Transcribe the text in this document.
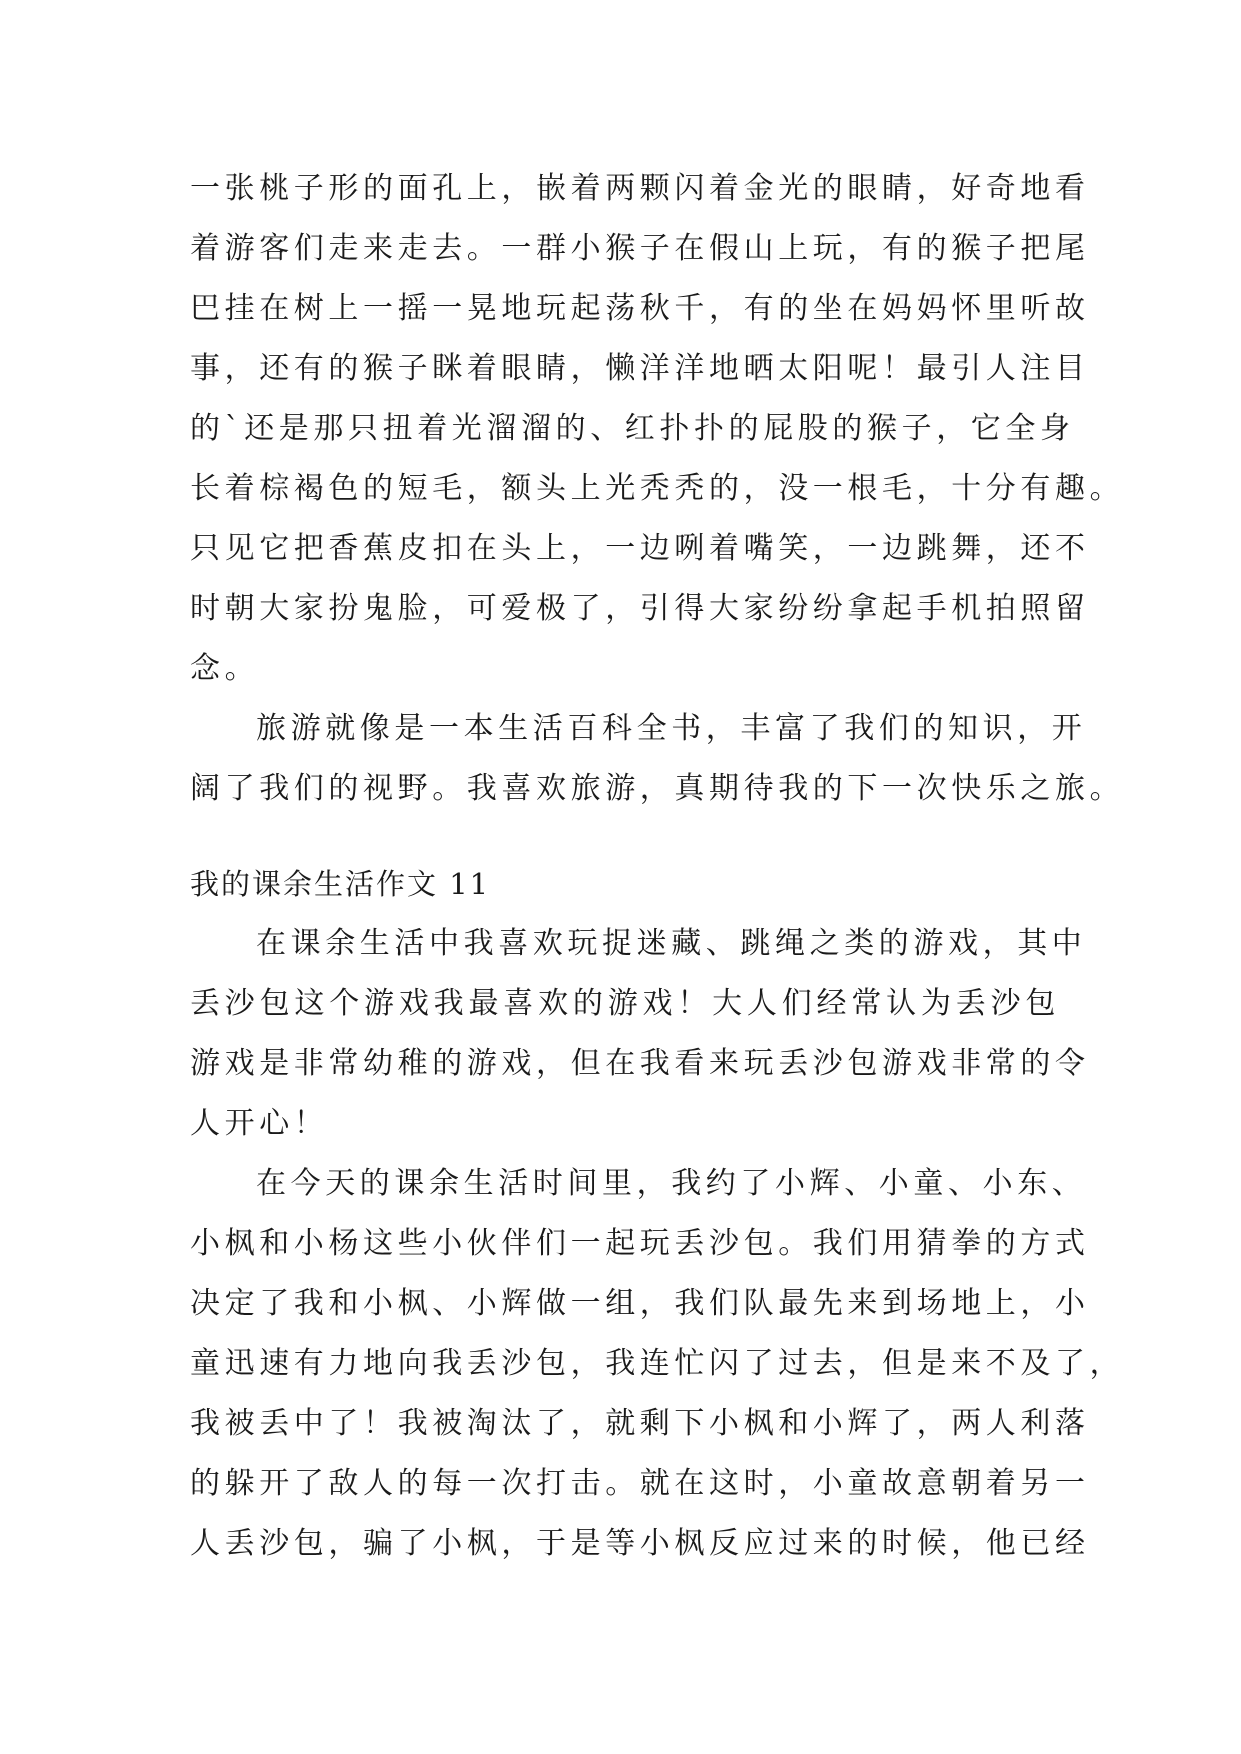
一张桃子形的面孔上，嵌着两颗闪着金光的眼睛，好奇地看
着游客们走来走去。一群小猴子在假山上玩，有的猴子把尾
巴挂在树上一摇一晃地玩起荡秋千，有的坐在妈妈怀里听故
事，还有的猴子眯着眼睛，懒洋洋地晒太阳呢！最引人注目
的`还是那只扭着光溜溜的、红扑扑的屁股的猴子，它全身
长着棕褐色的短毛，额头上光秃秃的，没一根毛，十分有趣。
只见它把香蕉皮扣在头上，一边咧着嘴笑，一边跳舞，还不
时朝大家扮鬼脸，可爱极了，引得大家纷纷拿起手机拍照留
念。
旅游就像是一本生活百科全书，丰富了我们的知识，开
阔了我们的视野。我喜欢旅游，真期待我的下一次快乐之旅。
我的课余生活作文 11
在课余生活中我喜欢玩捉迷藏、跳绳之类的游戏，其中
丢沙包这个游戏我最喜欢的游戏！大人们经常认为丢沙包
游戏是非常幼稚的游戏，但在我看来玩丢沙包游戏非常的令
人开心！
在今天的课余生活时间里，我约了小辉、小童、小东、
小枫和小杨这些小伙伴们一起玩丢沙包。我们用猜拳的方式
决定了我和小枫、小辉做一组，我们队最先来到场地上，小
童迅速有力地向我丢沙包，我连忙闪了过去，但是来不及了，
我被丢中了！我被淘汰了，就剩下小枫和小辉了，两人利落
的躲开了敌人的每一次打击。就在这时，小童故意朝着另一
人丢沙包，骗了小枫，于是等小枫反应过来的时候，他已经
